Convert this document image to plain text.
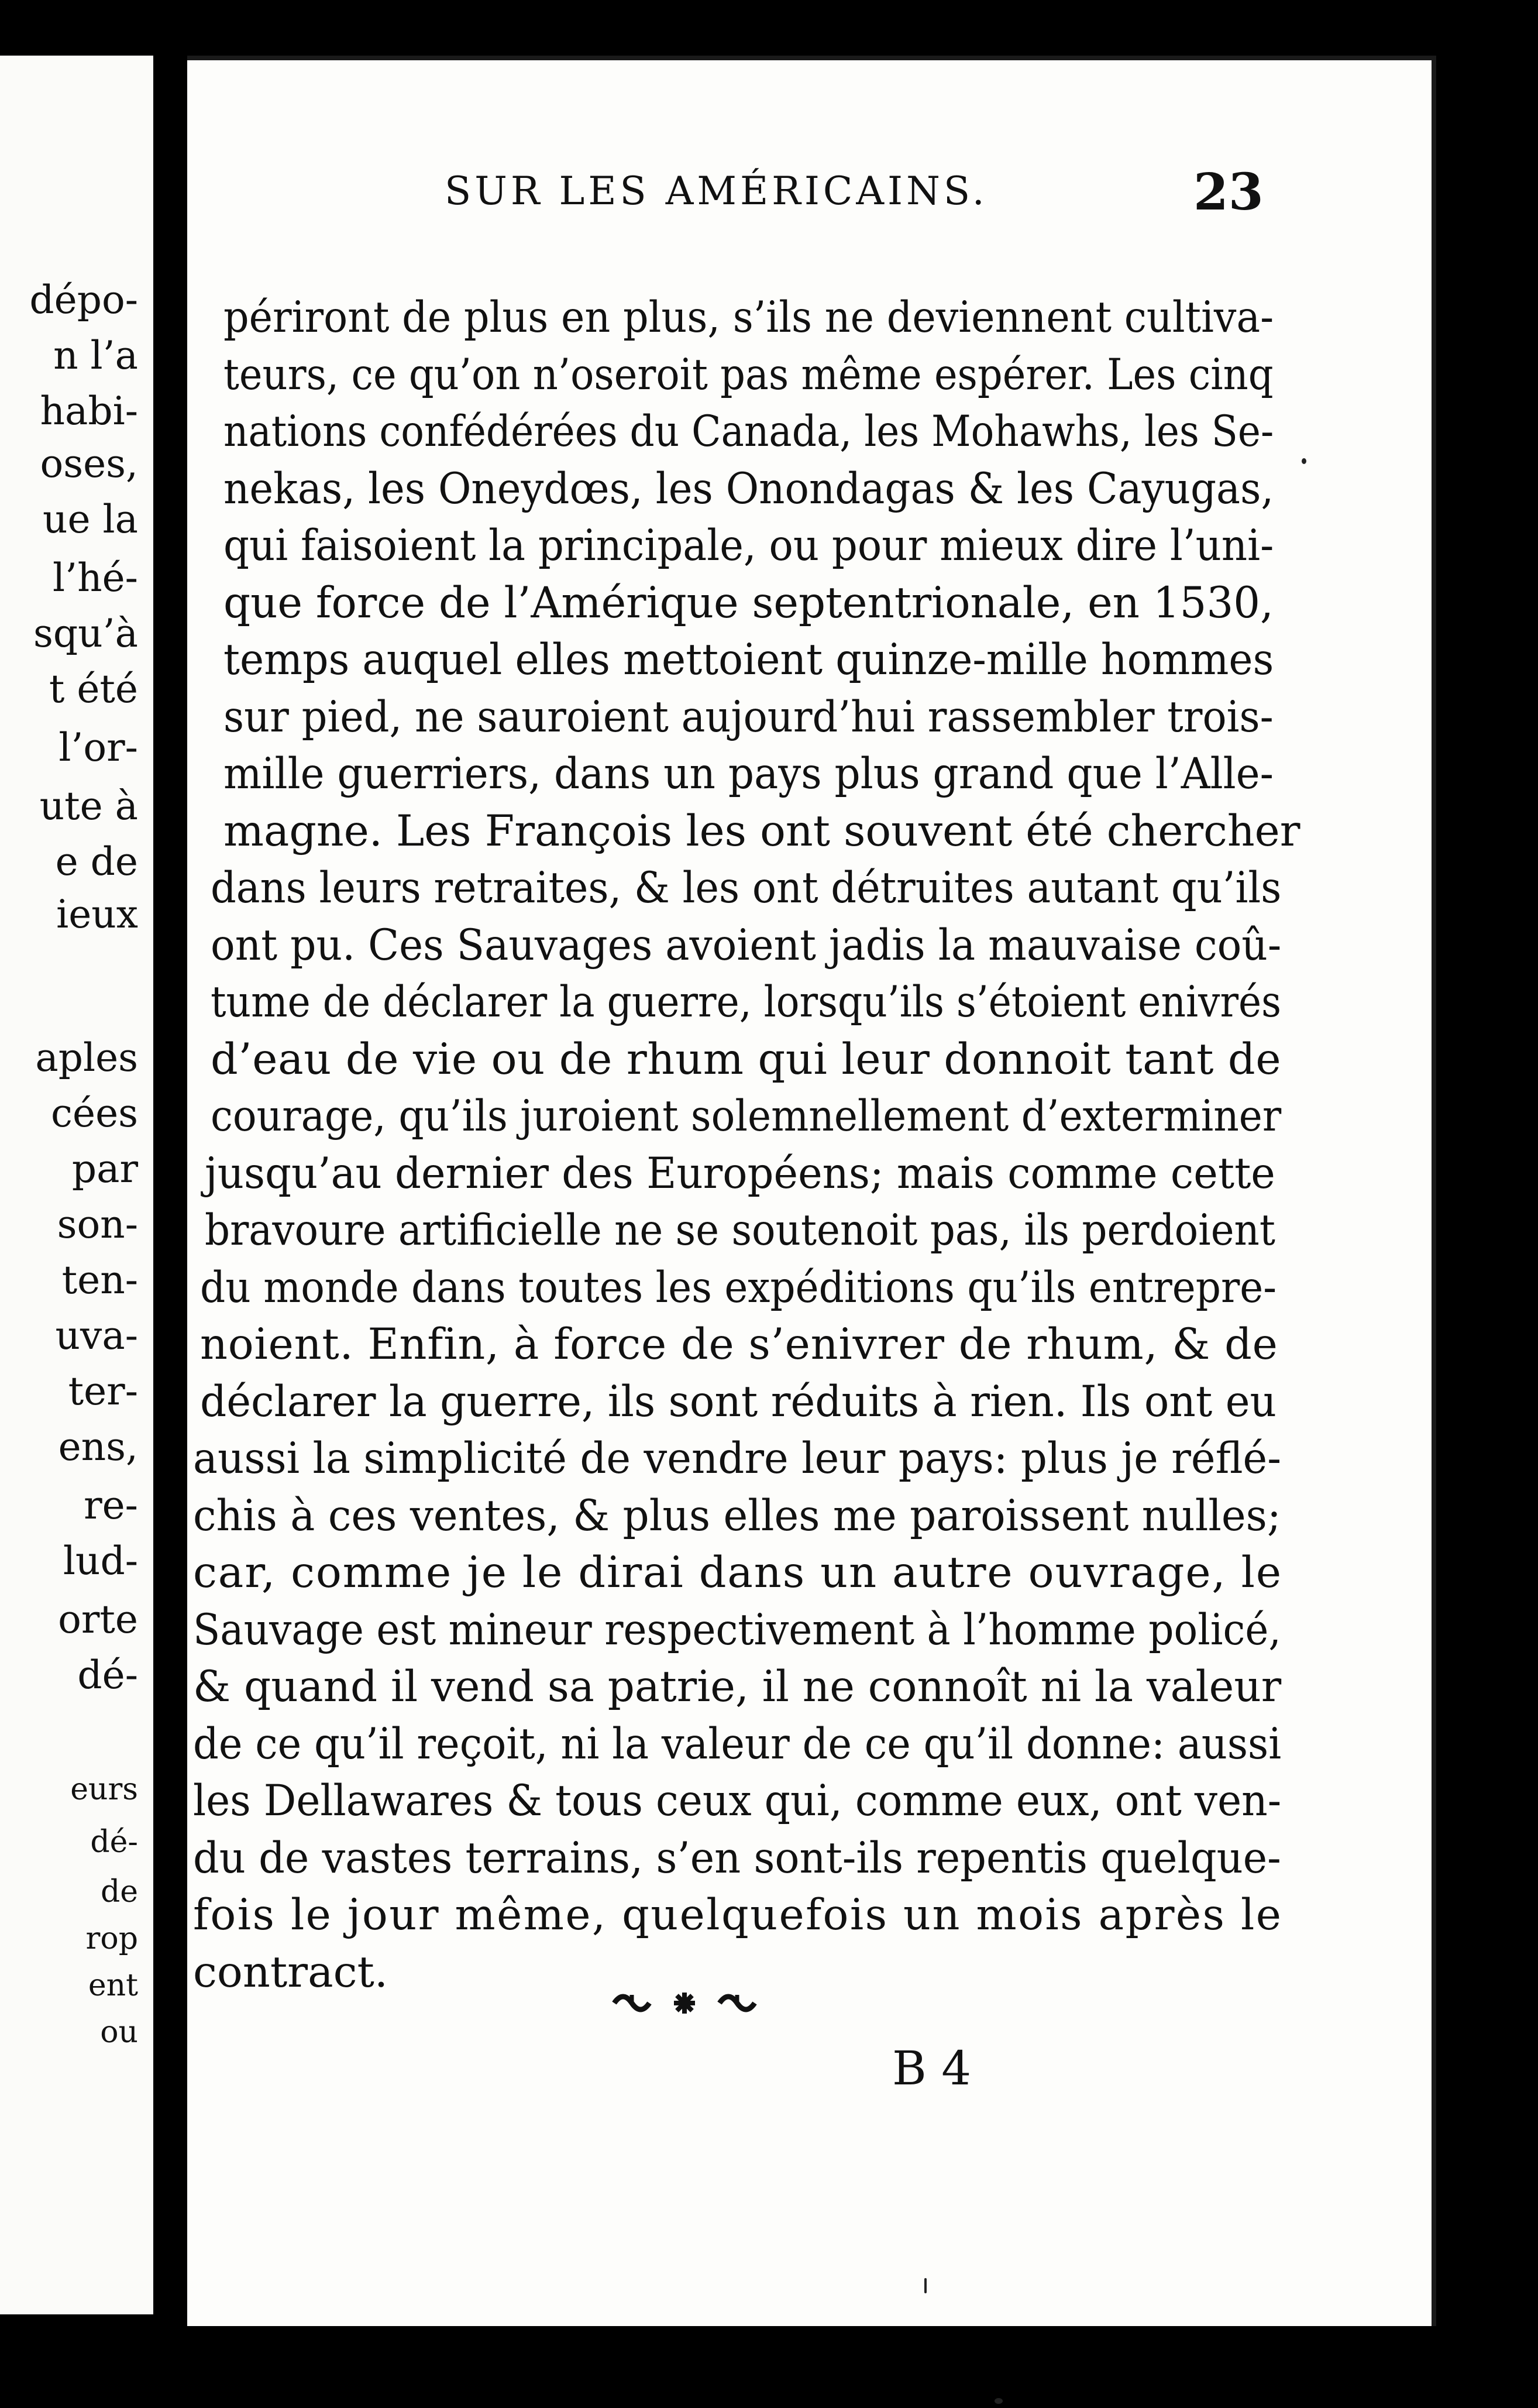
dépo-
n l’a
habi-
oses,
ue la
l’hé-
squ’à
t été
l’or-
ute à
e de
ieux
aples
cées
par
son-
ten-
uva-
ter-
ens,
re-
lud-
orte
dé-
eurs
dé-
de
rop
ent
ou
SUR LES AMÉRICAINS.	23
périront de plus en plus, s’ils ne deviennent cultiva-
teurs, ce qu’on n’oseroit pas même espérer. Les cinq
nations confédérées du Canada, les Mohawhs, les Se-
nekas, les Oneydœs, les Onondagas & les Cayugas,
qui faisoient la principale, ou pour mieux dire l’uni-
que force de l’Amérique septentrionale, en 1530,
temps auquel elles mettoient quinze-mille hommes
sur pied, ne sauroient aujourd’hui rassembler trois-
mille guerriers, dans un pays plus grand que l’Alle-
magne. Les François les ont souvent été chercher
dans leurs retraites, & les ont détruites autant qu’ils
ont pu. Ces Sauvages avoient jadis la mauvaise coû-
tume de déclarer la guerre, lorsqu’ils s’étoient enivrés
d’eau de vie ou de rhum qui leur donnoit tant de
courage, qu’ils juroient solemnellement d’exterminer
jusqu’au dernier des Européens; mais comme cette
bravoure artificielle ne se soutenoit pas, ils perdoient
du monde dans toutes les expéditions qu’ils entrepre-
noient. Enfin, à force de s’enivrer de rhum, & de
déclarer la guerre, ils sont réduits à rien. Ils ont eu
aussi la simplicité de vendre leur pays: plus je réflé-
chis à ces ventes, & plus elles me paroissent nulles;
car, comme je le dirai dans un autre ouvrage, le
Sauvage est mineur respectivement à l’homme policé,
& quand il vend sa patrie, il ne connoît ni la valeur
de ce qu’il reçoit, ni la valeur de ce qu’il donne: aussi
les Dellawares & tous ceux qui, comme eux, ont ven-
du de vastes terrains, s’en sont-ils repentis quelque-
fois le jour même, quelquefois un mois après le
contract.
B 4
